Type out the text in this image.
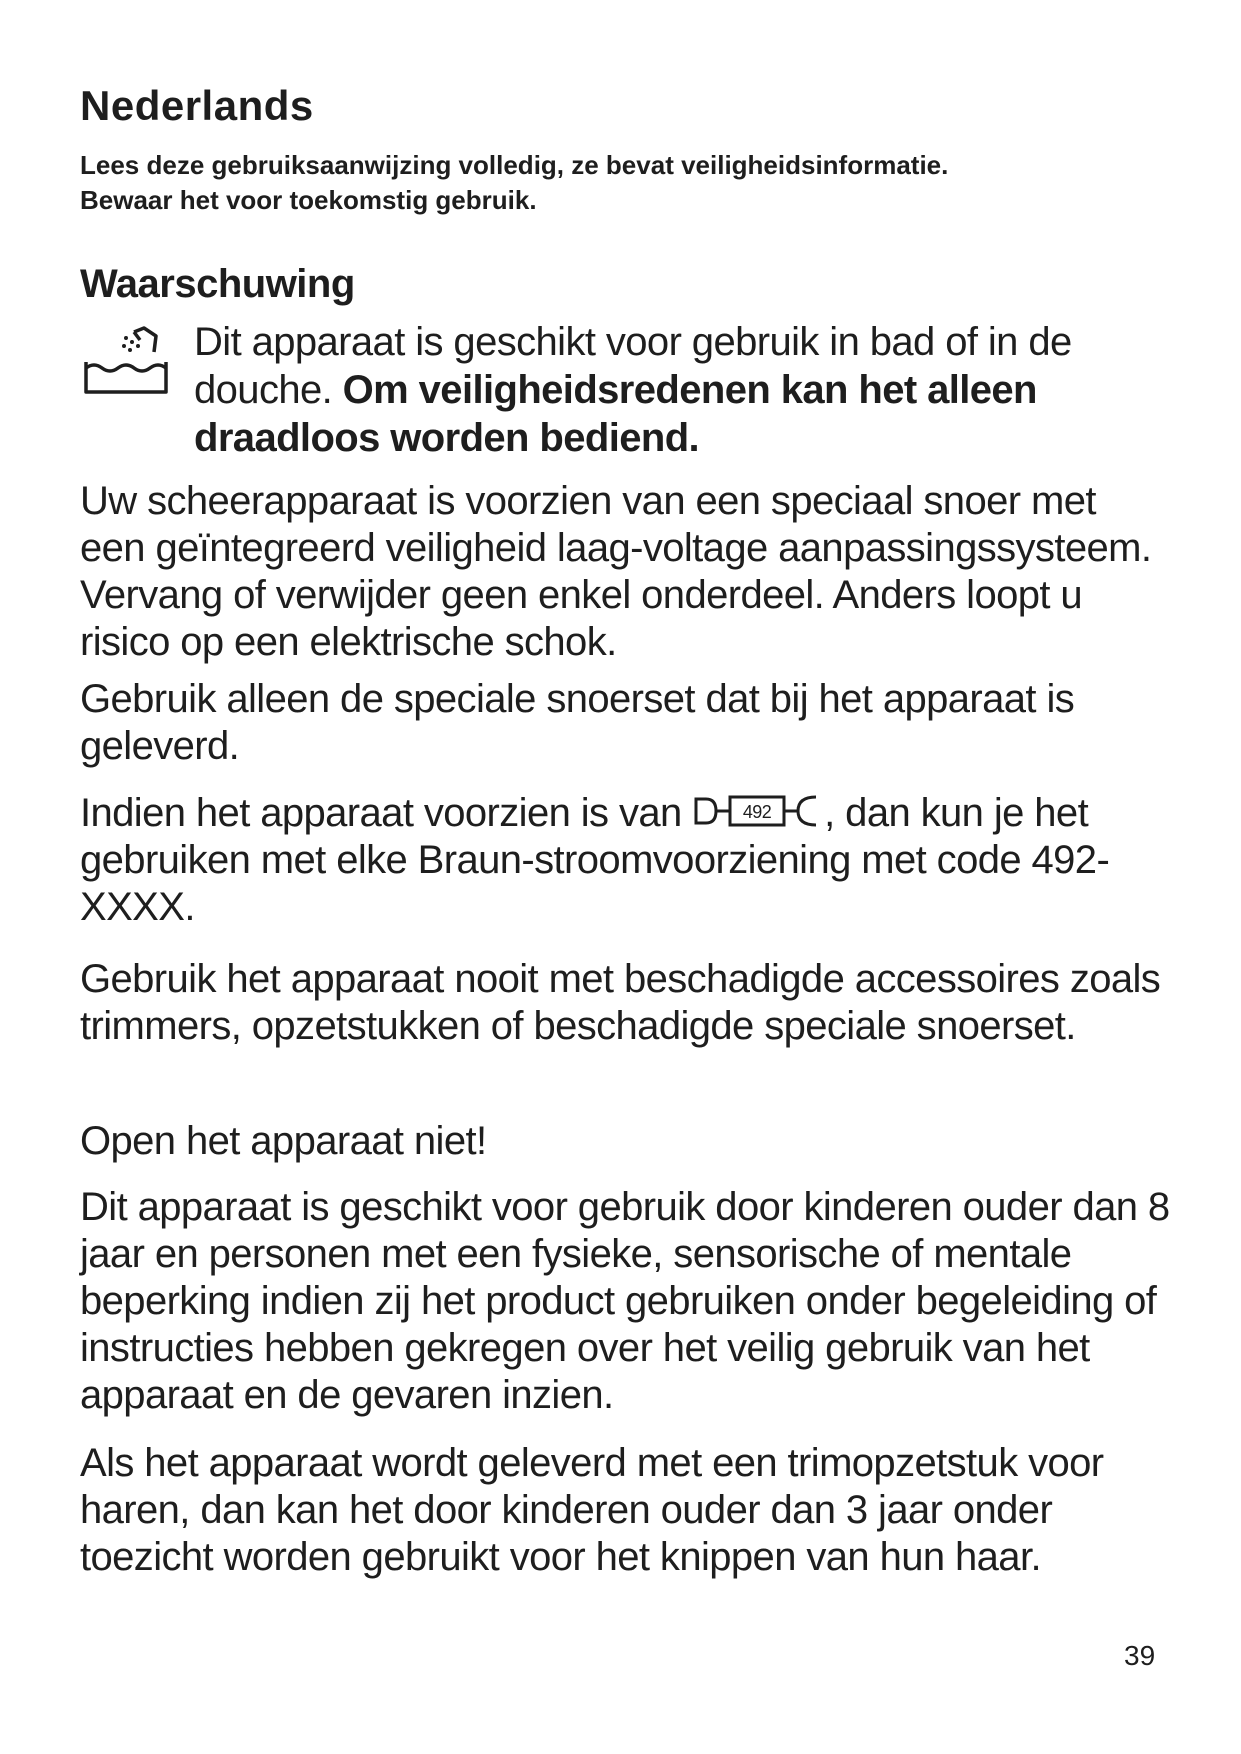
Nederlands

Lees deze gebruiksaanwijzing volledig, ze bevat veiligheidsinformatie.
Bewaar het voor toekomstig gebruik.

Waarschuwing

Dit apparaat is geschikt voor gebruik in bad of in de douche. Om veiligheidsredenen kan het alleen draadloos worden bediend.

Uw scheerapparaat is voorzien van een speciaal snoer met een geïntegreerd veiligheid laag-voltage aanpassingssysteem. Vervang of verwijder geen enkel onderdeel. Anders loopt u risico op een elektrische schok.

Gebruik alleen de speciale snoerset dat bij het apparaat is geleverd.

Indien het apparaat voorzien is van	492 , dan kun je het gebruiken met elke Braun-stroomvoorziening met code 492-XXXX.

Gebruik het apparaat nooit met beschadigde accessoires zoals trimmers, opzetstukken of beschadigde speciale snoerset.

Open het apparaat niet!

Dit apparaat is geschikt voor gebruik door kinderen ouder dan 8 jaar en personen met een fysieke, sensorische of mentale beperking indien zij het product gebruiken onder begeleiding of instructies hebben gekregen over het veilig gebruik van het apparaat en de gevaren inzien.

Als het apparaat wordt geleverd met een trimopzetstuk voor haren, dan kan het door kinderen ouder dan 3 jaar onder toezicht worden gebruikt voor het knippen van hun haar.

39
